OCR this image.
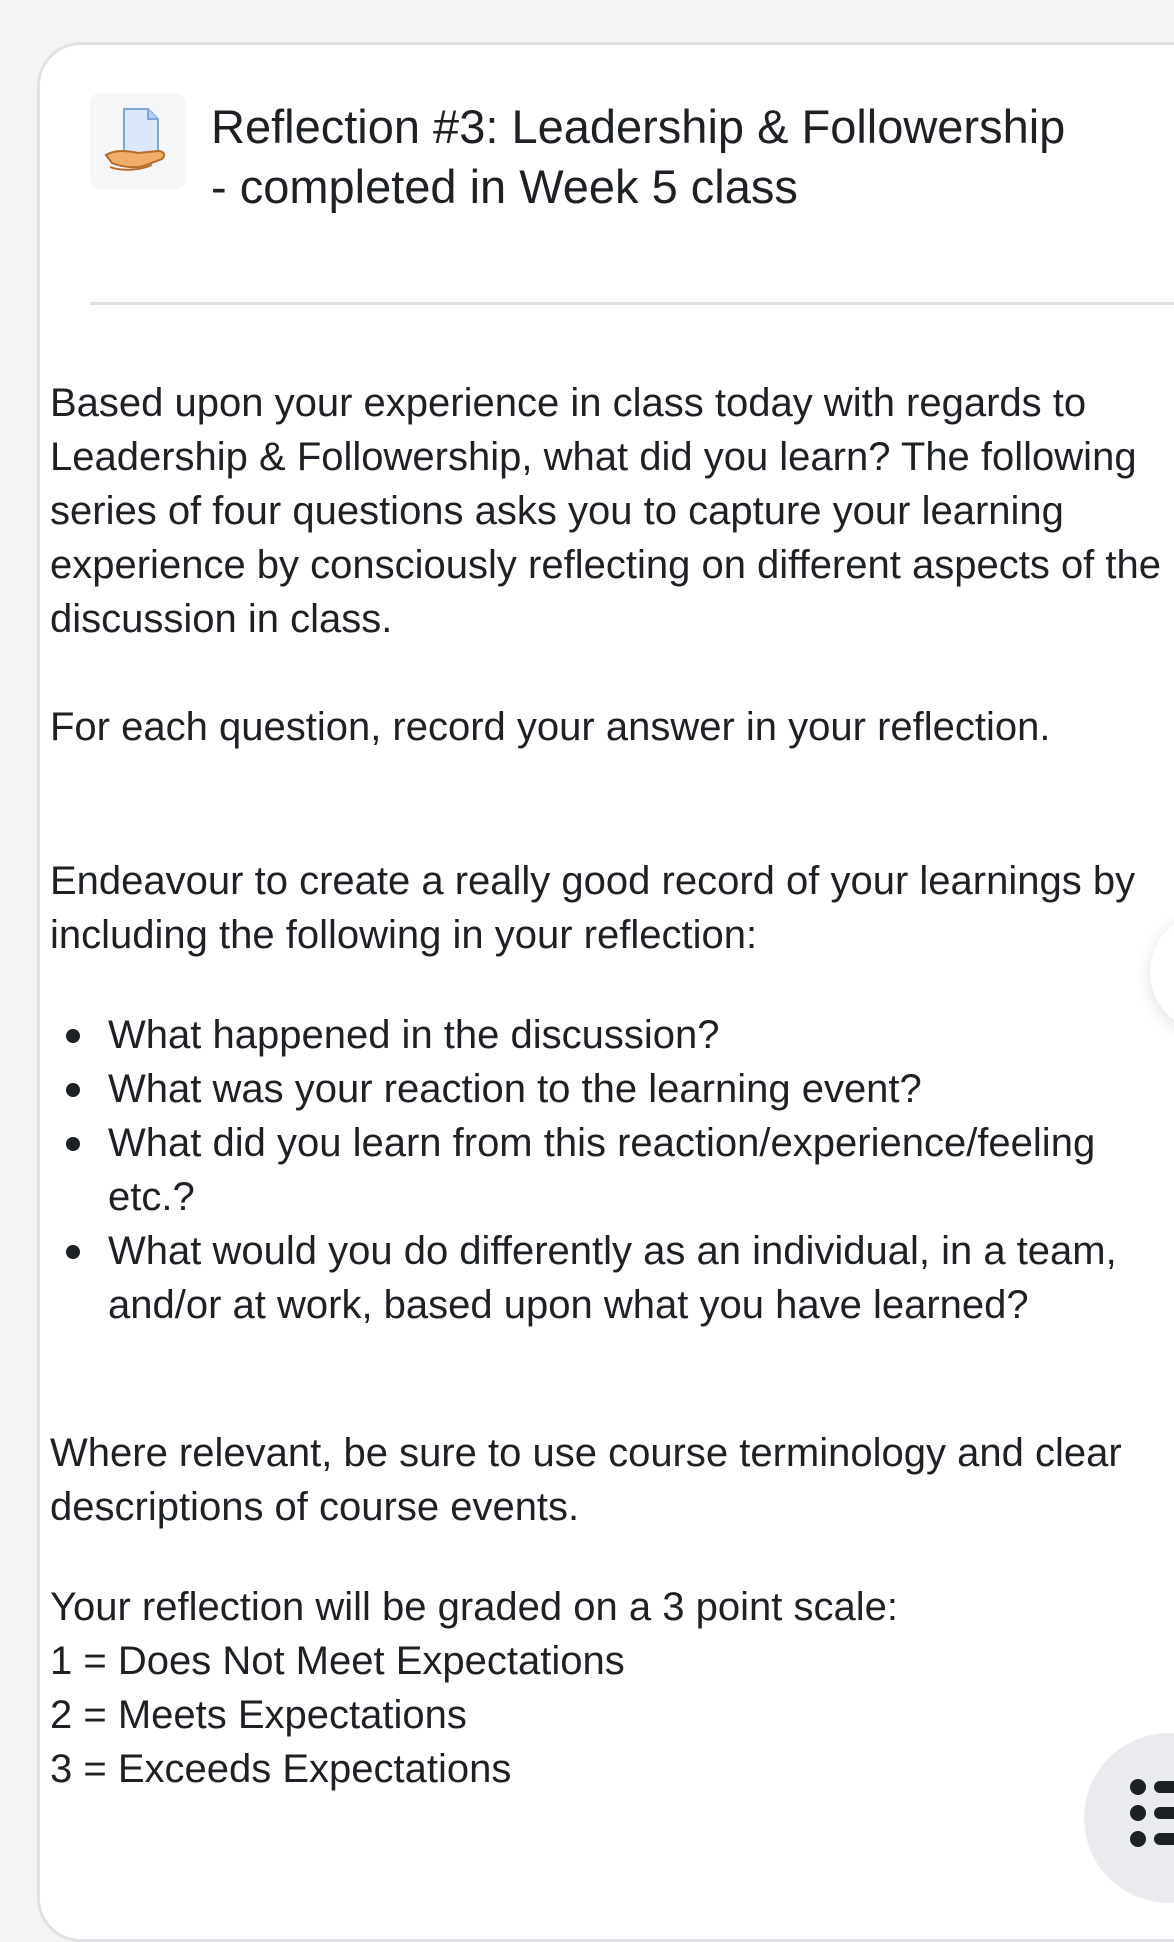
Reflection #3: Leadership & Followership - completed in Week 5 class

Based upon your experience in class today with regards to Leadership & Followership, what did you learn? The following series of four questions asks you to capture your learning experience by consciously reflecting on different aspects of the discussion in class.

For each question, record your answer in your reflection.

Endeavour to create a really good record of your learnings by including the following in your reflection:

What happened in the discussion?
What was your reaction to the learning event?
What did you learn from this reaction/experience/feeling etc.?
What would you do differently as an individual, in a team, and/or at work, based upon what you have learned?

Where relevant, be sure to use course terminology and clear descriptions of course events.

Your reflection will be graded on a 3 point scale:
1 = Does Not Meet Expectations
2 = Meets Expectations
3 = Exceeds Expectations
